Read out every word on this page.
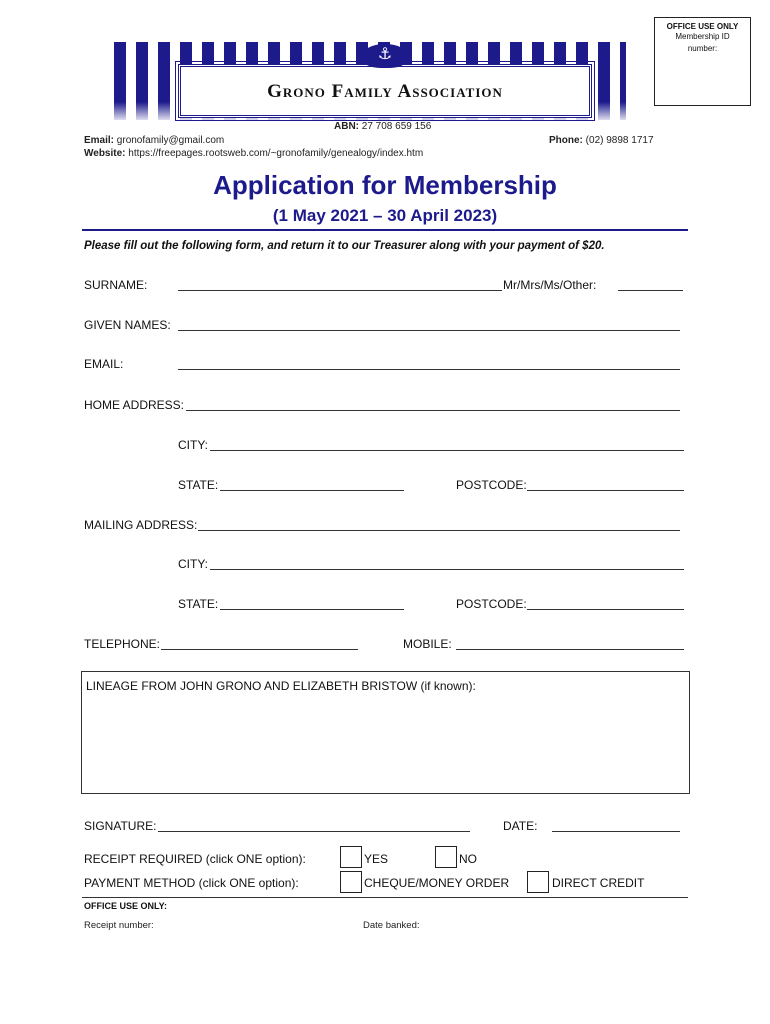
OFFICE USE ONLY
Membership ID number:
Grono Family Association
⚓
ABN: 27 708 659 156
Email: gronofamily@gmail.com
Website: https://freepages.rootsweb.com/~gronofamily/genealogy/index.htm
Phone: (02) 9898 1717
Application for Membership
(1 May 2021 – 30 April 2023)
Please fill out the following form, and return it to our Treasurer along with your payment of $20.
SURNAME:	Mr/Mrs/Ms/Other:
GIVEN NAMES:
EMAIL:
HOME ADDRESS:
CITY:
STATE:	POSTCODE:
MAILING ADDRESS:
CITY:
STATE:	POSTCODE:
TELEPHONE:	MOBILE:
LINEAGE FROM JOHN GRONO AND ELIZABETH BRISTOW (if known):
SIGNATURE:	DATE:
RECEIPT REQUIRED (click ONE option):	YES	NO
PAYMENT METHOD (click ONE option):	CHEQUE/MONEY ORDER	DIRECT CREDIT
OFFICE USE ONLY:
Receipt number:	Date banked:
